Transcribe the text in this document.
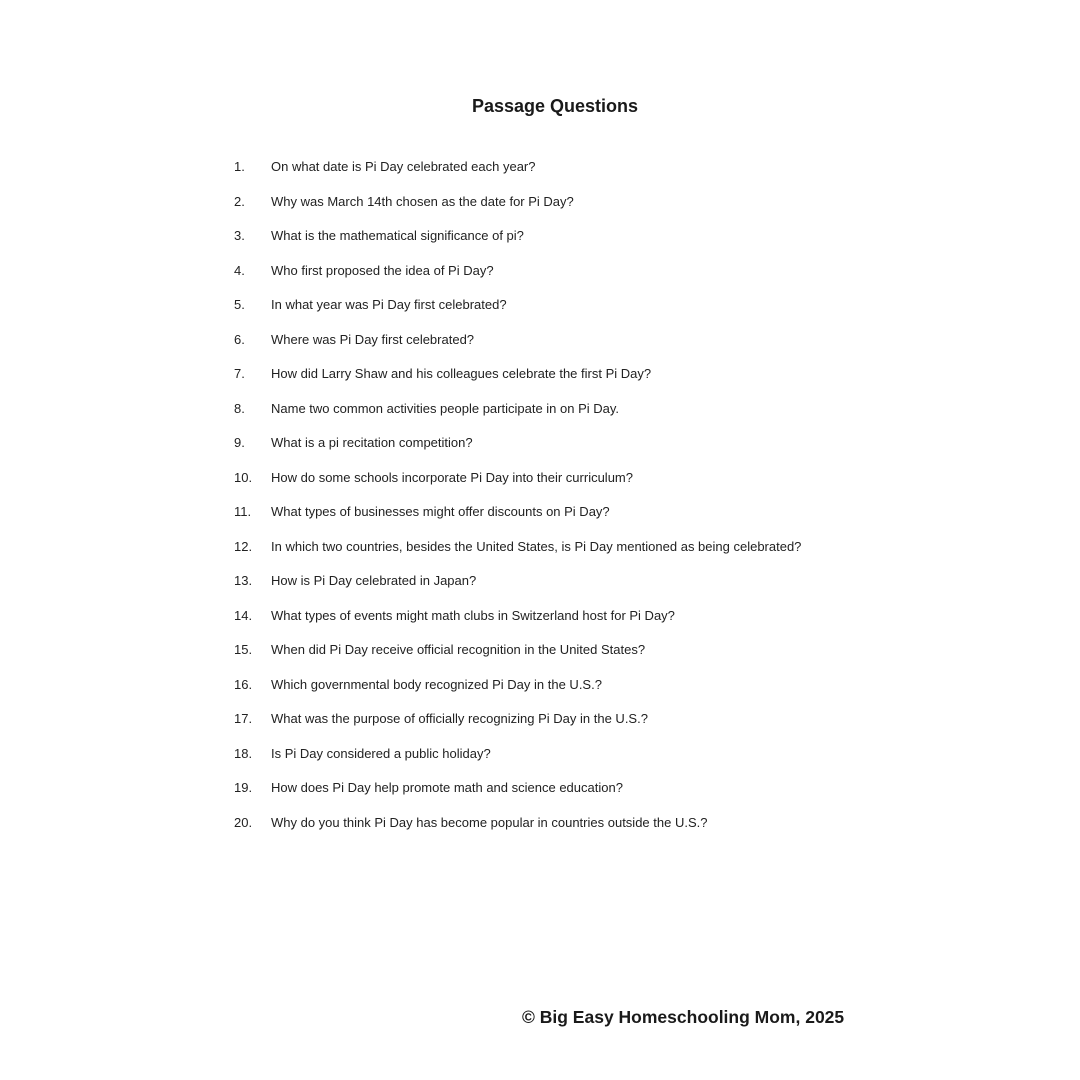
Passage Questions
1.	On what date is Pi Day celebrated each year?
2.	Why was March 14th chosen as the date for Pi Day?
3.	What is the mathematical significance of pi?
4.	Who first proposed the idea of Pi Day?
5.	In what year was Pi Day first celebrated?
6.	Where was Pi Day first celebrated?
7.	How did Larry Shaw and his colleagues celebrate the first Pi Day?
8.	Name two common activities people participate in on Pi Day.
9.	What is a pi recitation competition?
10.	How do some schools incorporate Pi Day into their curriculum?
11.	What types of businesses might offer discounts on Pi Day?
12.	In which two countries, besides the United States, is Pi Day mentioned as being celebrated?
13.	How is Pi Day celebrated in Japan?
14.	What types of events might math clubs in Switzerland host for Pi Day?
15.	When did Pi Day receive official recognition in the United States?
16.	Which governmental body recognized Pi Day in the U.S.?
17.	What was the purpose of officially recognizing Pi Day in the U.S.?
18.	Is Pi Day considered a public holiday?
19.	How does Pi Day help promote math and science education?
20.	Why do you think Pi Day has become popular in countries outside the U.S.?
© Big Easy Homeschooling Mom, 2025
